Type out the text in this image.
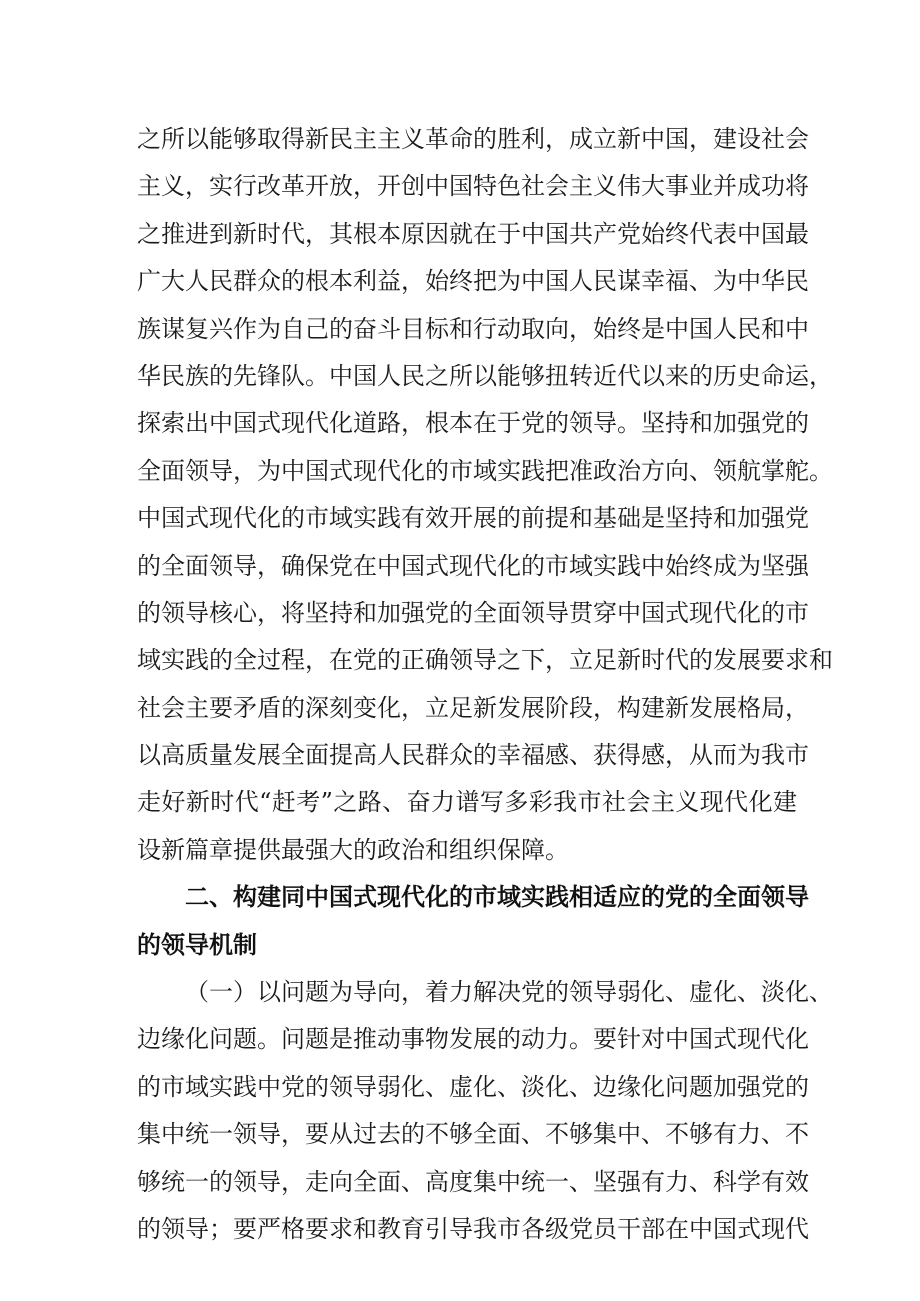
之所以能够取得新民主主义革命的胜利，成立新中国，建设社会
主义，实行改革开放，开创中国特色社会主义伟大事业并成功将
之推进到新时代，其根本原因就在于中国共产党始终代表中国最
广大人民群众的根本利益，始终把为中国人民谋幸福、为中华民
族谋复兴作为自己的奋斗目标和行动取向，始终是中国人民和中
华民族的先锋队。中国人民之所以能够扭转近代以来的历史命运，
探索出中国式现代化道路，根本在于党的领导。坚持和加强党的
全面领导，为中国式现代化的市域实践把准政治方向、领航掌舵。
中国式现代化的市域实践有效开展的前提和基础是坚持和加强党
的全面领导，确保党在中国式现代化的市域实践中始终成为坚强
的领导核心，将坚持和加强党的全面领导贯穿中国式现代化的市
域实践的全过程，在党的正确领导之下，立足新时代的发展要求和
社会主要矛盾的深刻变化，立足新发展阶段，构建新发展格局，
以高质量发展全面提高人民群众的幸福感、获得感，从而为我市
走好新时代“赶考”之路、奋力谱写多彩我市社会主义现代化建
设新篇章提供最强大的政治和组织保障。
二、构建同中国式现代化的市域实践相适应的党的全面领导
的领导机制
（一）以问题为导向，着力解决党的领导弱化、虚化、淡化、
边缘化问题。问题是推动事物发展的动力。要针对中国式现代化
的市域实践中党的领导弱化、虚化、淡化、边缘化问题加强党的
集中统一领导，要从过去的不够全面、不够集中、不够有力、不
够统一的领导，走向全面、高度集中统一、坚强有力、科学有效
的领导；要严格要求和教育引导我市各级党员干部在中国式现代
